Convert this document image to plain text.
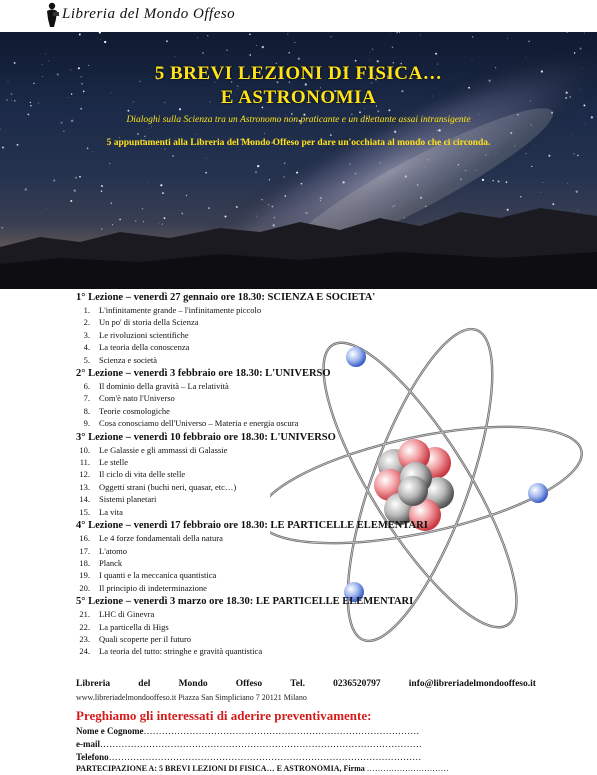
Libreria del Mondo Offeso
5 BREVI LEZIONI DI FISICA…
E ASTRONOMIA
Dialoghi sulla Scienza tra un Astronomo non praticante e un dilettante assai intransigente
5 appuntamenti alla Libreria del Mondo Offeso per dare un'occhiata al mondo che ci circonda.
1° Lezione – venerdì 27 gennaio ore 18.30: SCIENZA E SOCIETA'
1. L'infinitamente grande – l'infinitamente piccolo
2. Un po' di storia della Scienza
3. Le rivoluzioni scientifiche
4. La teoria della conoscenza
5. Scienza e società
2° Lezione – venerdì 3 febbraio ore 18.30: L'UNIVERSO
6. Il dominio della gravità – La relatività
7. Com'è nato l'Universo
8. Teorie cosmologiche
9. Cosa conosciamo dell'Universo – Materia e energia oscura
3° Lezione – venerdì 10 febbraio ore 18.30: L'UNIVERSO
10. Le Galassie e gli ammassi di Galassie
11. Le stelle
12. Il ciclo di vita delle stelle
13. Oggetti strani (buchi neri, quasar, etc…)
14. Sistemi planetari
15. La vita
4° Lezione – venerdì 17 febbraio ore 18.30: LE PARTICELLE ELEMENTARI
16. Le 4 forze fondamentali della natura
17. L'atomo
18. Planck
19. I quanti e la meccanica quantistica
20. Il principio di indeterminazione
5° Lezione – venerdì 3 marzo ore 18.30: LE PARTICELLE ELEMENTARI
21. LHC di Ginevra
22. La particella di Higs
23. Quali scoperte per il futuro
24. La teoria del tutto: stringhe e gravità quantistica
Libreria	del	Mondo	Offeso	Tel.	0236520797	info@libreriadelmondooffeso.it
www.libreriadelmondooffeso.it Piazza San Simpliciano 7 20121 Milano
Preghiamo gli interessati di aderire preventivamente:
Nome e Cognome………………………………………………………………………………
e-mail……………………………………………………………………………………………
Telefono…………………………………………………………………………………………
PARTECIPAZIONE A: 5 BREVI LEZIONI DI FISICA… E ASTRONOMIA, Firma …………………………
